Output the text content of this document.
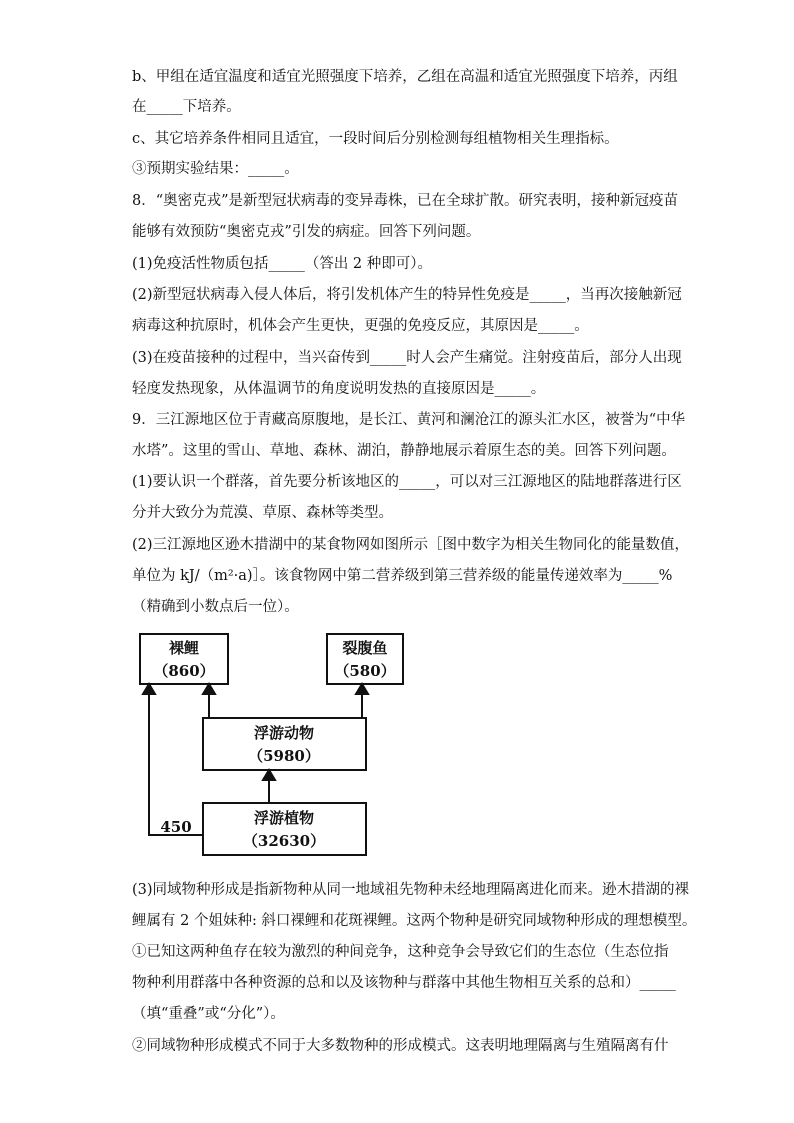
b、甲组在适宜温度和适宜光照强度下培养，乙组在高温和适宜光照强度下培养，丙组
在_____下培养。
c、其它培养条件相同且适宜，一段时间后分别检测每组植物相关生理指标。
③预期实验结果：_____。
8．“奥密克戎”是新型冠状病毒的变异毒株，已在全球扩散。研究表明，接种新冠疫苗
能够有效预防“奥密克戎”引发的病症。回答下列问题。
(1)免疫活性物质包括_____（答出 2 种即可）。
(2)新型冠状病毒入侵人体后，将引发机体产生的特异性免疫是_____，当再次接触新冠
病毒这种抗原时，机体会产生更快，更强的免疫反应，其原因是_____。
(3)在疫苗接种的过程中，当兴奋传到_____时人会产生痛觉。注射疫苗后，部分人出现
轻度发热现象，从体温调节的角度说明发热的直接原因是_____。
9．三江源地区位于青藏高原腹地，是长江、黄河和澜沧江的源头汇水区，被誉为“中华
水塔”。这里的雪山、草地、森林、湖泊，静静地展示着原生态的美。回答下列问题。
(1)要认识一个群落，首先要分析该地区的_____，可以对三江源地区的陆地群落进行区
分并大致分为荒漠、草原、森林等类型。
(2)三江源地区逊木措湖中的某食物网如图所示［图中数字为相关生物同化的能量数值，
单位为 kJ/（m²·a)］。该食物网中第二营养级到第三营养级的能量传递效率为_____%
（精确到小数点后一位）。
裸鲤
（860）
裂腹鱼
（580）
浮游动物
（5980）
浮游植物
（32630）
450
(3)同域物种形成是指新物种从同一地域祖先物种未经地理隔离进化而来。逊木措湖的裸
鲤属有 2 个姐妹种: 斜口裸鲤和花斑裸鲤。这两个物种是研究同域物种形成的理想模型。
①已知这两种鱼存在较为激烈的种间竞争，这种竞争会导致它们的生态位（生态位指
物种利用群落中各种资源的总和以及该物种与群落中其他生物相互关系的总和）_____
（填“重叠”或“分化”）。
②同域物种形成模式不同于大多数物种的形成模式。这表明地理隔离与生殖隔离有什
